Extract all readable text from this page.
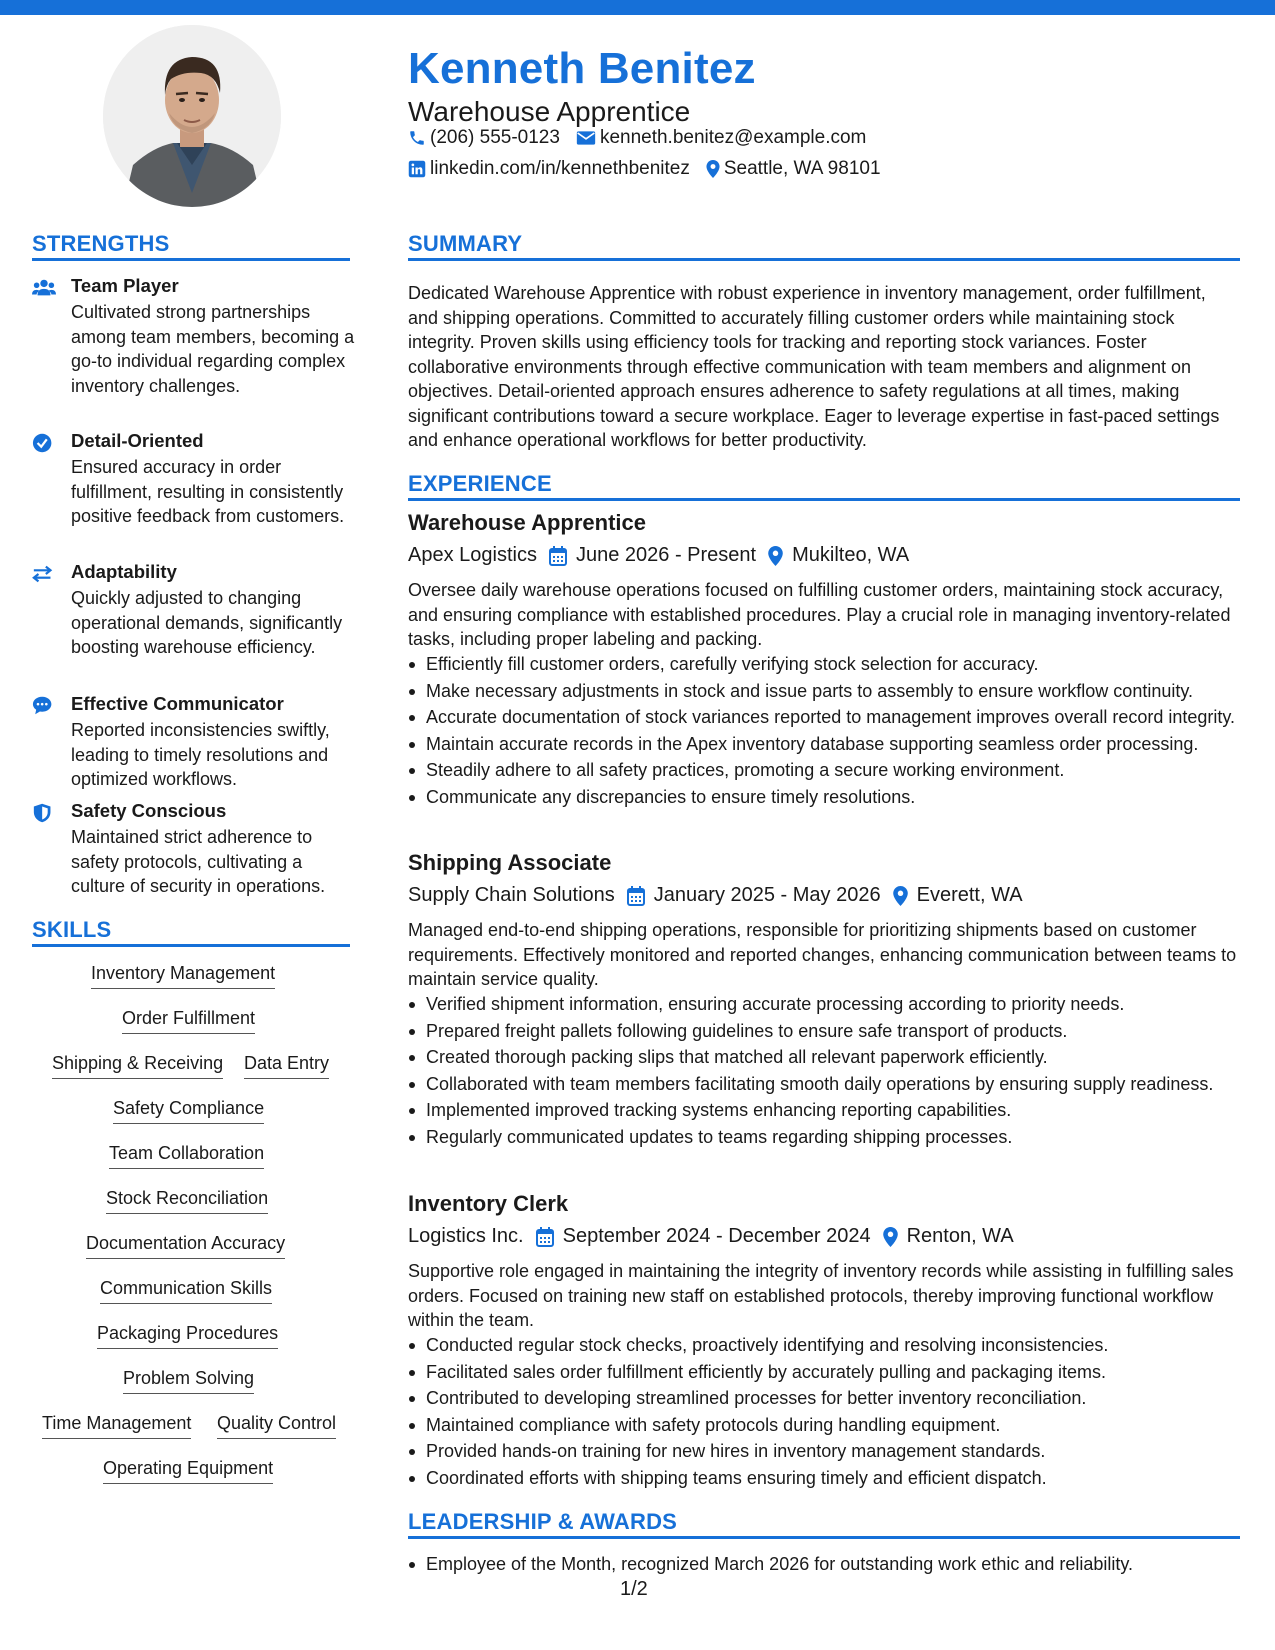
Kenneth Benitez
Warehouse Apprentice
(206) 555-0123 kenneth.benitez@example.com
linkedin.com/in/kennethbenitez Seattle, WA 98101
STRENGTHS
Team Player
Cultivated strong partnerships among team members, becoming a go-to individual regarding complex inventory challenges.
Detail-Oriented
Ensured accuracy in order fulfillment, resulting in consistently positive feedback from customers.
Adaptability
Quickly adjusted to changing operational demands, significantly boosting warehouse efficiency.
Effective Communicator
Reported inconsistencies swiftly, leading to timely resolutions and optimized workflows.
Safety Conscious
Maintained strict adherence to safety protocols, cultivating a culture of security in operations.
SKILLS
Inventory Management
Order Fulfillment
Shipping & Receiving Data Entry
Safety Compliance
Team Collaboration
Stock Reconciliation
Documentation Accuracy
Communication Skills
Packaging Procedures
Problem Solving
Time Management Quality Control
Operating Equipment
SUMMARY
Dedicated Warehouse Apprentice with robust experience in inventory management, order fulfillment, and shipping operations. Committed to accurately filling customer orders while maintaining stock integrity. Proven skills using efficiency tools for tracking and reporting stock variances. Foster collaborative environments through effective communication with team members and alignment on objectives. Detail-oriented approach ensures adherence to safety regulations at all times, making significant contributions toward a secure workplace. Eager to leverage expertise in fast-paced settings and enhance operational workflows for better productivity.
EXPERIENCE
Warehouse Apprentice
Apex Logistics June 2026 - Present Mukilteo, WA
Oversee daily warehouse operations focused on fulfilling customer orders, maintaining stock accuracy, and ensuring compliance with established procedures. Play a crucial role in managing inventory-related tasks, including proper labeling and packing.
Efficiently fill customer orders, carefully verifying stock selection for accuracy.
Make necessary adjustments in stock and issue parts to assembly to ensure workflow continuity.
Accurate documentation of stock variances reported to management improves overall record integrity.
Maintain accurate records in the Apex inventory database supporting seamless order processing.
Steadily adhere to all safety practices, promoting a secure working environment.
Communicate any discrepancies to ensure timely resolutions.
Shipping Associate
Supply Chain Solutions January 2025 - May 2026 Everett, WA
Managed end-to-end shipping operations, responsible for prioritizing shipments based on customer requirements. Effectively monitored and reported changes, enhancing communication between teams to maintain service quality.
Verified shipment information, ensuring accurate processing according to priority needs.
Prepared freight pallets following guidelines to ensure safe transport of products.
Created thorough packing slips that matched all relevant paperwork efficiently.
Collaborated with team members facilitating smooth daily operations by ensuring supply readiness.
Implemented improved tracking systems enhancing reporting capabilities.
Regularly communicated updates to teams regarding shipping processes.
Inventory Clerk
Logistics Inc. September 2024 - December 2024 Renton, WA
Supportive role engaged in maintaining the integrity of inventory records while assisting in fulfilling sales orders. Focused on training new staff on established protocols, thereby improving functional workflow within the team.
Conducted regular stock checks, proactively identifying and resolving inconsistencies.
Facilitated sales order fulfillment efficiently by accurately pulling and packaging items.
Contributed to developing streamlined processes for better inventory reconciliation.
Maintained compliance with safety protocols during handling equipment.
Provided hands-on training for new hires in inventory management standards.
Coordinated efforts with shipping teams ensuring timely and efficient dispatch.
LEADERSHIP & AWARDS
Employee of the Month, recognized March 2026 for outstanding work ethic and reliability.
1/2
